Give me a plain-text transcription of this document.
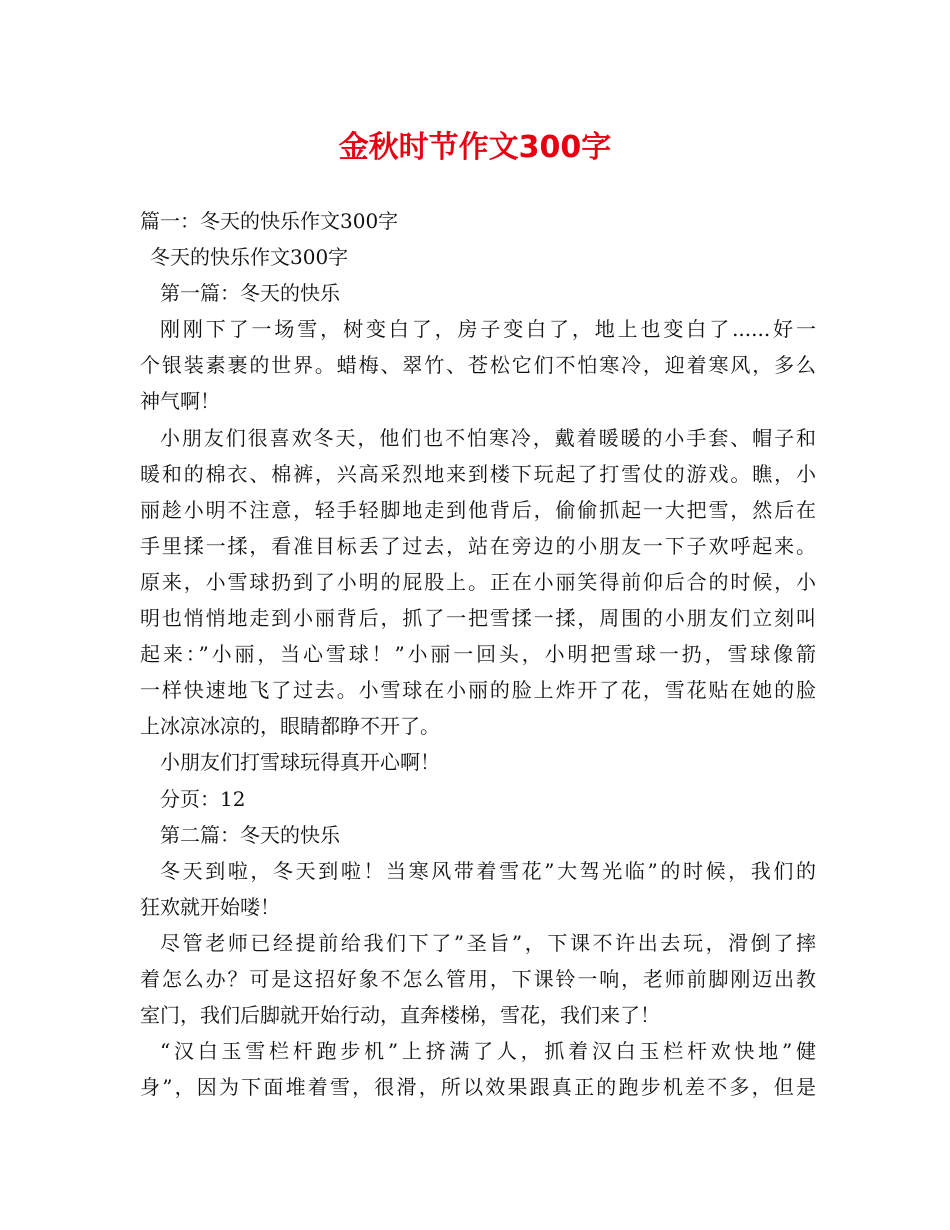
金秋时节作文300字
篇一：冬天的快乐作文300字
冬天的快乐作文300字
第一篇：冬天的快乐
刚刚下了一场雪，树变白了，房子变白了，地上也变白了......好一
个银装素裹的世界。蜡梅、翠竹、苍松它们不怕寒冷，迎着寒风，多么
神气啊！
小朋友们很喜欢冬天，他们也不怕寒冷，戴着暖暖的小手套、帽子和
暖和的棉衣、棉裤，兴高采烈地来到楼下玩起了打雪仗的游戏。瞧，小
丽趁小明不注意，轻手轻脚地走到他背后，偷偷抓起一大把雪，然后在
手里揉一揉，看准目标丢了过去，站在旁边的小朋友一下子欢呼起来。
原来，小雪球扔到了小明的屁股上。正在小丽笑得前仰后合的时候，小
明也悄悄地走到小丽背后，抓了一把雪揉一揉，周围的小朋友们立刻叫
起来：”小丽，当心雪球！”小丽一回头，小明把雪球一扔，雪球像箭
一样快速地飞了过去。小雪球在小丽的脸上炸开了花，雪花贴在她的脸
上冰凉冰凉的，眼睛都睁不开了。
小朋友们打雪球玩得真开心啊！
分页：12
第二篇：冬天的快乐
冬天到啦，冬天到啦！当寒风带着雪花”大驾光临”的时候，我们的
狂欢就开始喽！
尽管老师已经提前给我们下了”圣旨”，下课不许出去玩，滑倒了摔
着怎么办？可是这招好象不怎么管用，下课铃一响，老师前脚刚迈出教
室门，我们后脚就开始行动，直奔楼梯，雪花，我们来了！
“汉白玉雪栏杆跑步机”上挤满了人，抓着汉白玉栏杆欢快地”健
身”，因为下面堆着雪，很滑，所以效果跟真正的跑步机差不多，但是
